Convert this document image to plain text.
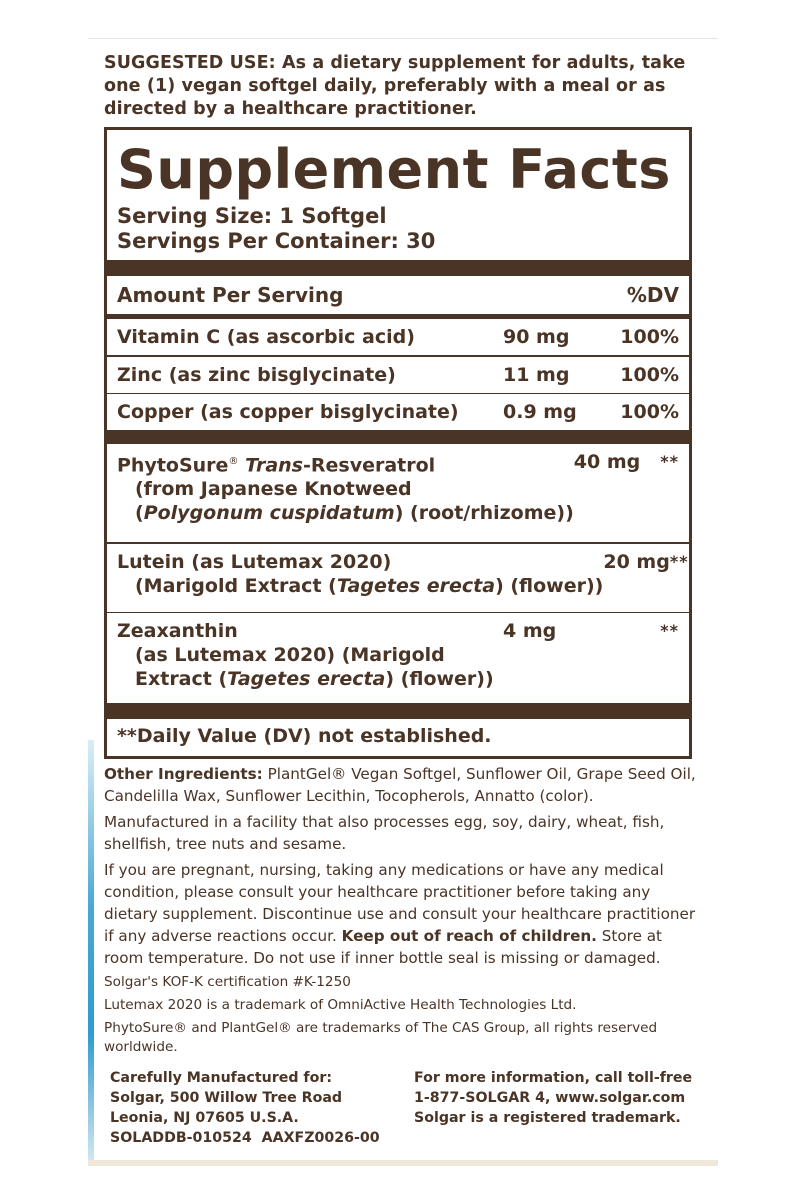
SUGGESTED USE: As a dietary supplement for adults, take one (1) vegan softgel daily, preferably with a meal or as directed by a healthcare practitioner.
Supplement Facts
Serving Size: 1 Softgel
Servings Per Container: 30
Amount Per Serving	%DV
Vitamin C (as ascorbic acid)	90 mg	100%
Zinc (as zinc bisglycinate)	11 mg	100%
Copper (as copper bisglycinate)	0.9 mg	100%
PhytoSure® Trans-Resveratrol
(from Japanese Knotweed
(Polygonum cuspidatum) (root/rhizome))
40 mg	**
Lutein (as Lutemax 2020)
(Marigold Extract (Tagetes erecta) (flower))
20 mg **
Zeaxanthin
(as Lutemax 2020) (Marigold
Extract (Tagetes erecta) (flower))
4 mg	**
**Daily Value (DV) not established.

Other Ingredients: PlantGel® Vegan Softgel, Sunflower Oil, Grape Seed Oil, Candelilla Wax, Sunflower Lecithin, Tocopherols, Annatto (color).

Manufactured in a facility that also processes egg, soy, dairy, wheat, fish, shellfish, tree nuts and sesame.

If you are pregnant, nursing, taking any medications or have any medical condition, please consult your healthcare practitioner before taking any dietary supplement. Discontinue use and consult your healthcare practitioner if any adverse reactions occur. Keep out of reach of children. Store at room temperature. Do not use if inner bottle seal is missing or damaged.

Solgar's KOF-K certification #K-1250

Lutemax 2020 is a trademark of OmniActive Health Technologies Ltd.

PhytoSure® and PlantGel® are trademarks of The CAS Group, all rights reserved worldwide.

Carefully Manufactured for:
Solgar, 500 Willow Tree Road
Leonia, NJ 07605 U.S.A.
SOLADDB-010524  AAXFZ0026-00
For more information, call toll-free
1-877-SOLGAR 4, www.solgar.com
Solgar is a registered trademark.
